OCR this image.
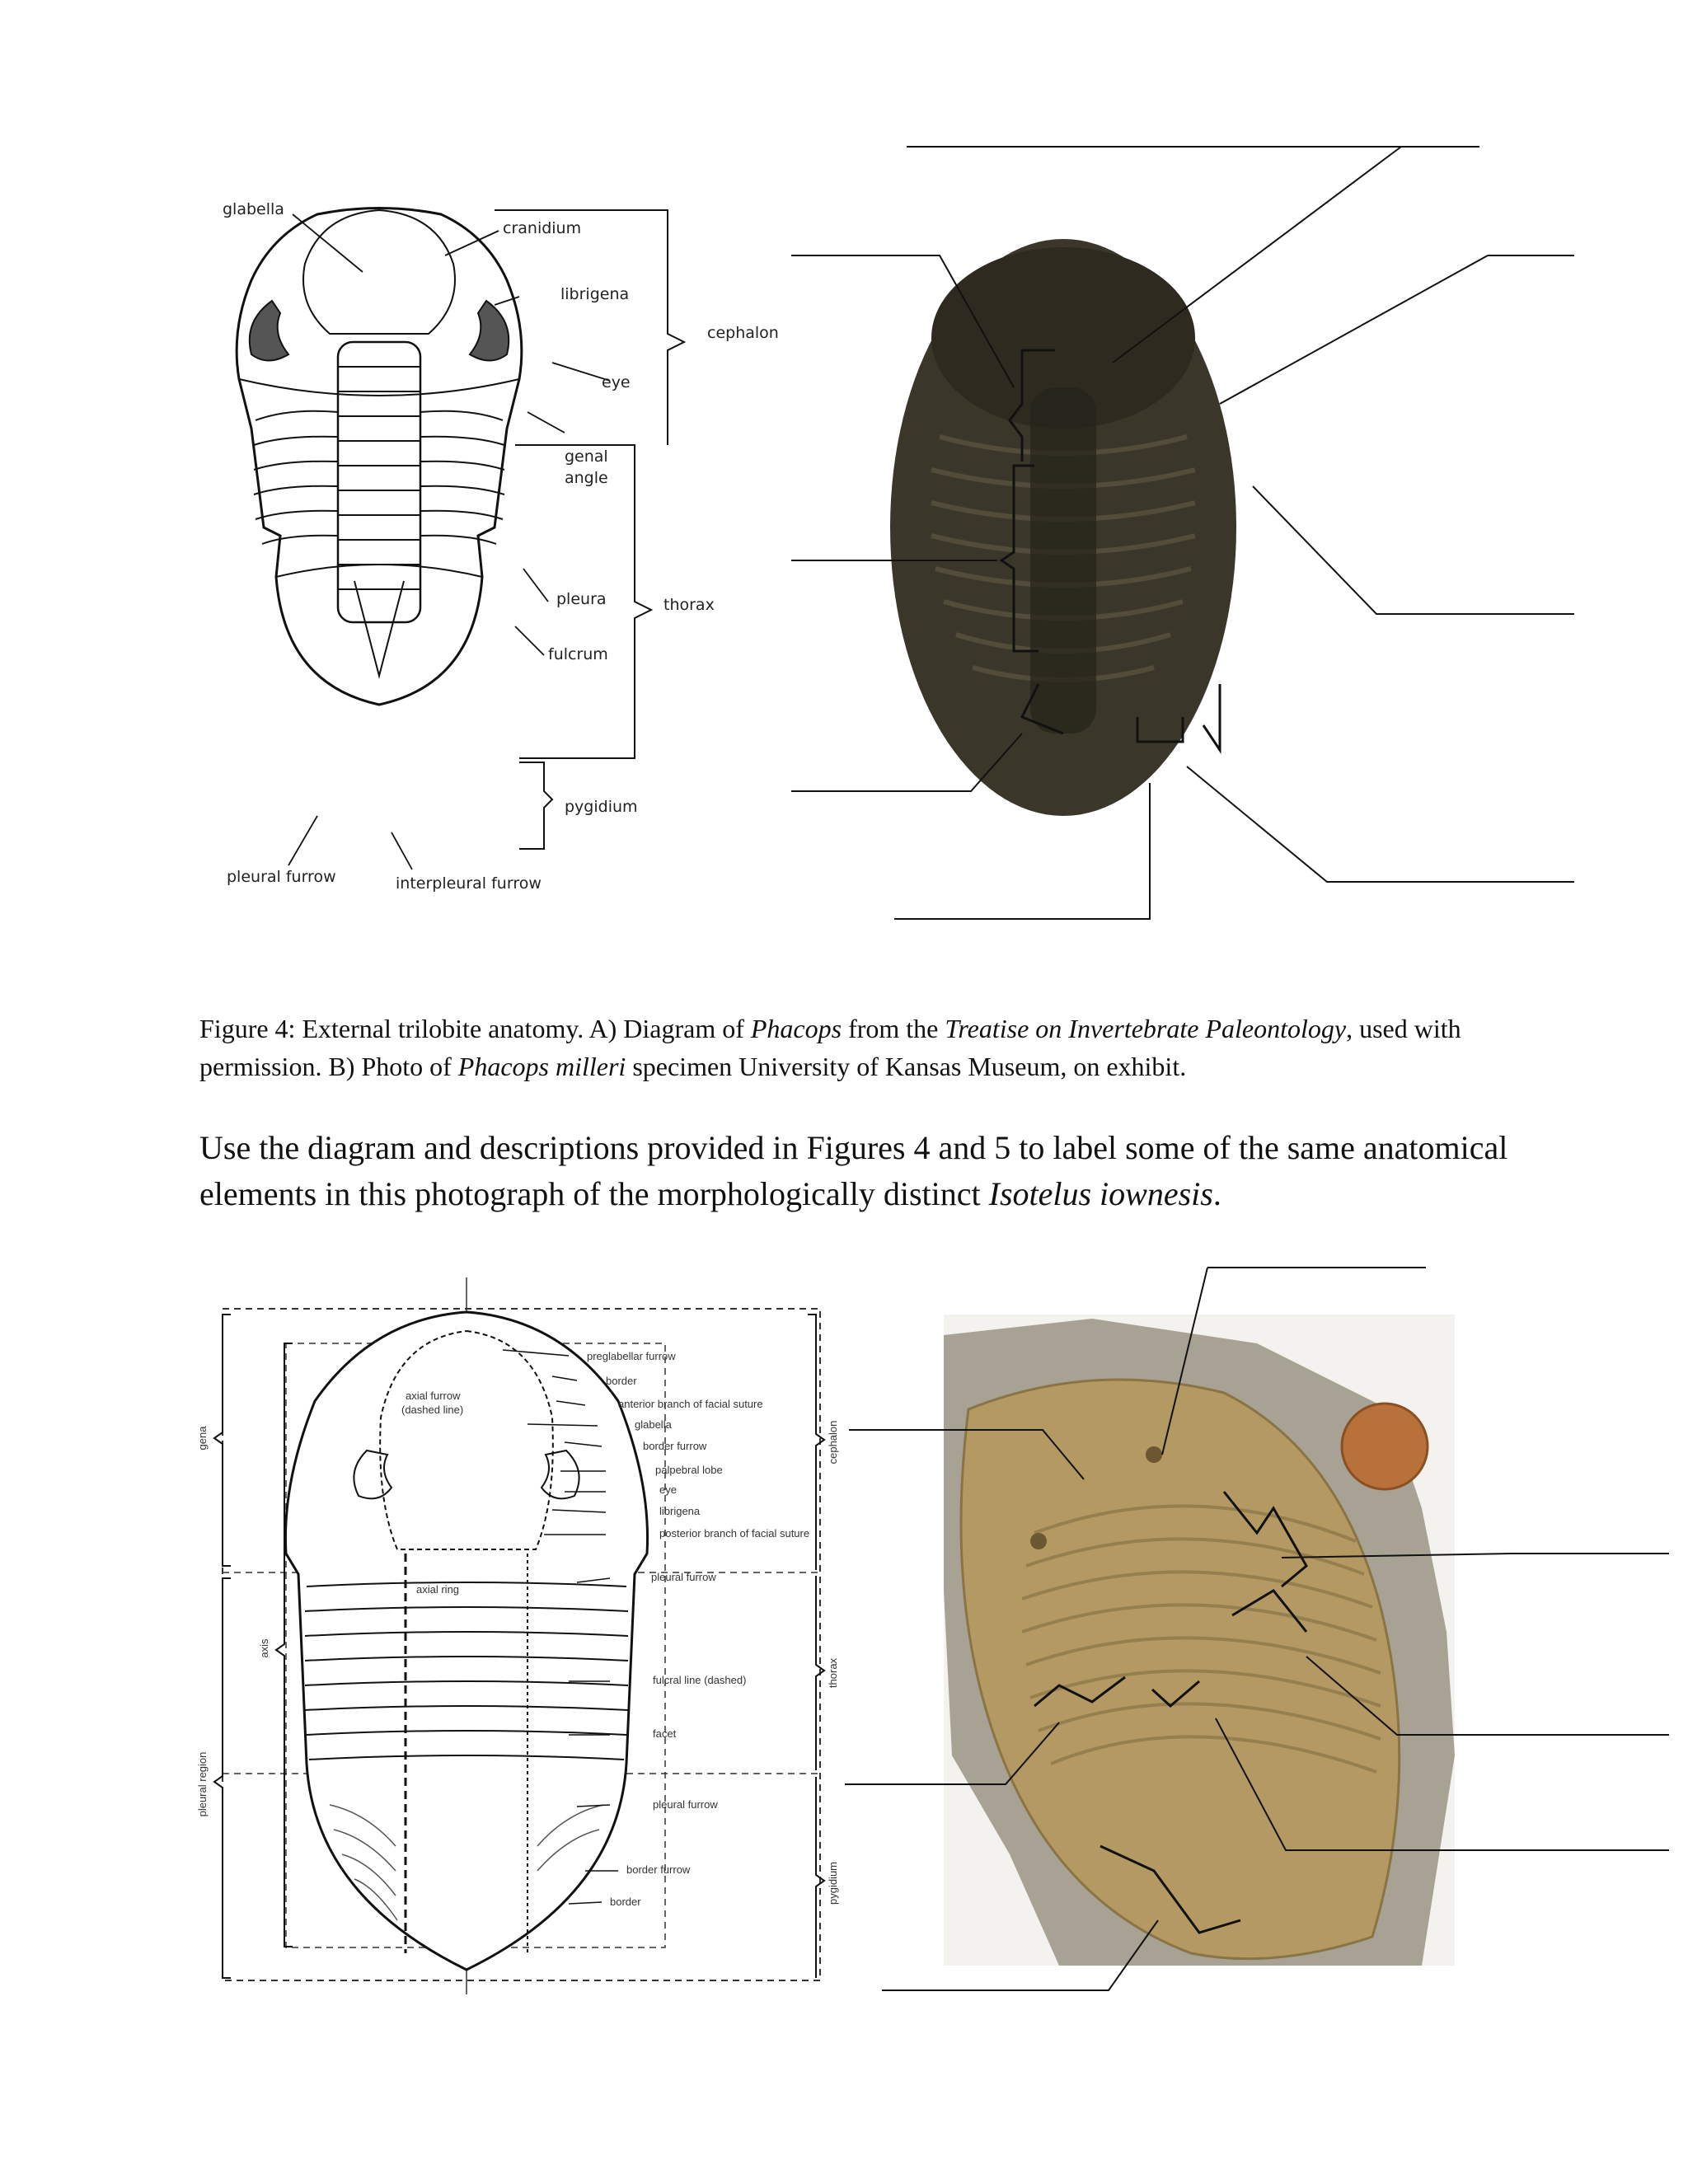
glabella
cranidium
librigena
cephalon
eye
genal
angle
pleura	thorax
fulcrum
pygidium
pleural furrow	interpleural furrow
Figure 4: External trilobite anatomy. A) Diagram of Phacops from the Treatise on Invertebrate Paleontology, used with permission. B) Photo of Phacops milleri specimen University of Kansas Museum, on exhibit.
Use the diagram and descriptions provided in Figures 4 and 5 to label some of the same anatomical elements in this photograph of the morphologically distinct Isotelus iownesis.
preglabellar furrow
border
anterior branch of facial suture
axial furrow
(dashed line)
glabella
border furrow
palpebral lobe
eye
librigena
posterior branch of facial suture
axial ring
pleural furrow
fulcral line (dashed)
facet
pleural furrow
border furrow
border
gena
axis
pleural region
cephalon
thorax
pygidium
